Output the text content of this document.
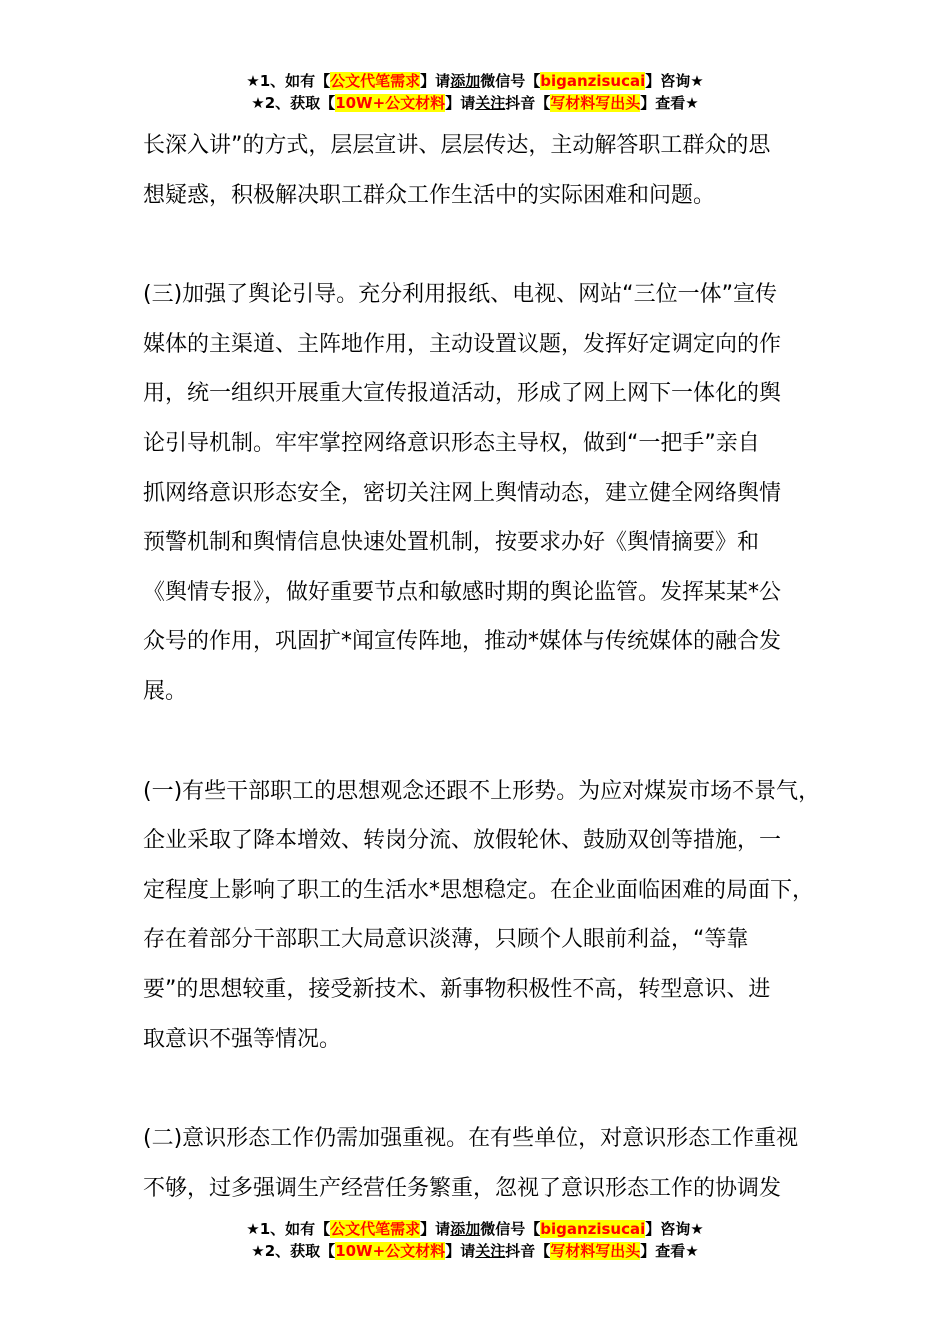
★1、如有【公文代笔需求】请添加微信号【biganzisucai】咨询★
★2、获取【10W+公文材料】请关注抖音【写材料写出头】查看★

长深入讲”的方式，层层宣讲、层层传达，主动解答职工群众的思
想疑惑，积极解决职工群众工作生活中的实际困难和问题。

(三)加强了舆论引导。充分利用报纸、电视、网站“三位一体”宣传
媒体的主渠道、主阵地作用，主动设置议题，发挥好定调定向的作
用，统一组织开展重大宣传报道活动，形成了网上网下一体化的舆
论引导机制。牢牢掌控网络意识形态主导权，做到“一把手”亲自
抓网络意识形态安全，密切关注网上舆情动态，建立健全网络舆情
预警机制和舆情信息快速处置机制，按要求办好《舆情摘要》和
《舆情专报》，做好重要节点和敏感时期的舆论监管。发挥某某*公
众号的作用，巩固扩*闻宣传阵地，推动*媒体与传统媒体的融合发
展。

(一)有些干部职工的思想观念还跟不上形势。为应对煤炭市场不景气，
企业采取了降本增效、转岗分流、放假轮休、鼓励双创等措施，一
定程度上影响了职工的生活水*思想稳定。在企业面临困难的局面下，
存在着部分干部职工大局意识淡薄，只顾个人眼前利益，“等靠
要”的思想较重，接受新技术、新事物积极性不高，转型意识、进
取意识不强等情况。

(二)意识形态工作仍需加强重视。在有些单位，对意识形态工作重视
不够，过多强调生产经营任务繁重，忽视了意识形态工作的协调发

★1、如有【公文代笔需求】请添加微信号【biganzisucai】咨询★
★2、获取【10W+公文材料】请关注抖音【写材料写出头】查看★
